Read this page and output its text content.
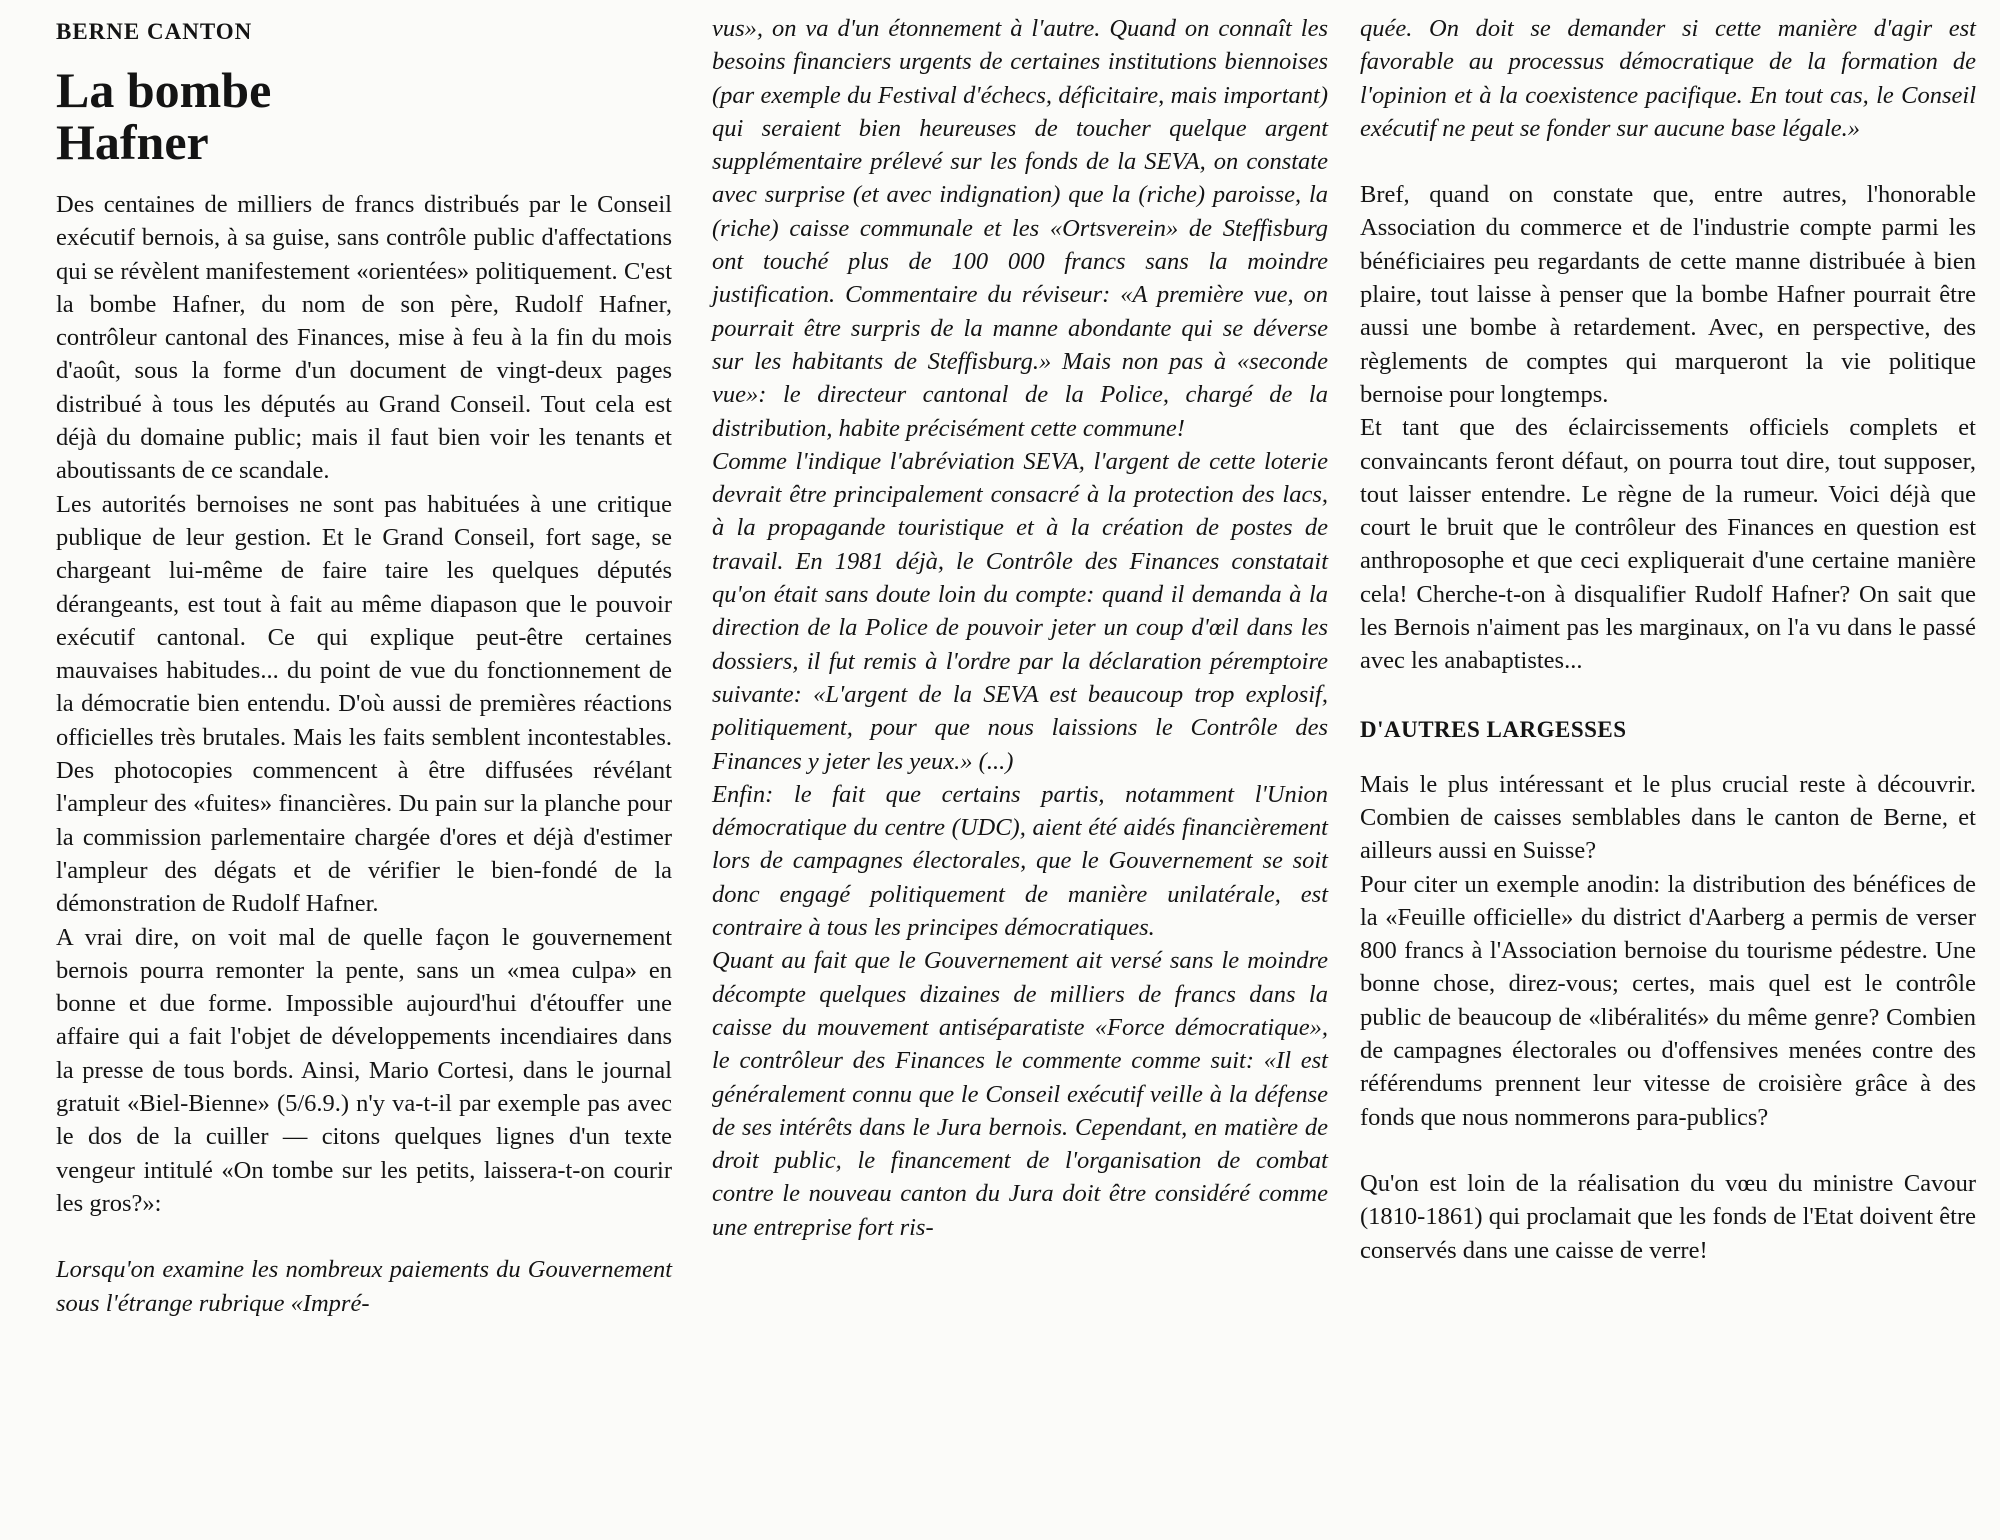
BERNE CANTON
La bombe
Hafner

Des centaines de milliers de francs distribués par le Conseil exécutif bernois, à sa guise, sans contrôle public d'affectations qui se révèlent manifestement «orientées» politiquement. C'est la bombe Hafner, du nom de son père, Rudolf Hafner, contrôleur cantonal des Finances, mise à feu à la fin du mois d'août, sous la forme d'un document de vingt-deux pages distribué à tous les députés au Grand Conseil. Tout cela est déjà du domaine public; mais il faut bien voir les tenants et aboutissants de ce scandale.

Les autorités bernoises ne sont pas habituées à une critique publique de leur gestion. Et le Grand Conseil, fort sage, se chargeant lui-même de faire taire les quelques députés dérangeants, est tout à fait au même diapason que le pouvoir exécutif cantonal. Ce qui explique peut-être certaines mauvaises habitudes... du point de vue du fonctionnement de la démocratie bien entendu. D'où aussi de premières réactions officielles très brutales. Mais les faits semblent incontestables. Des photocopies commencent à être diffusées révélant l'ampleur des «fuites» financières. Du pain sur la planche pour la commission parlementaire chargée d'ores et déjà d'estimer l'ampleur des dégats et de vérifier le bien-fondé de la démonstration de Rudolf Hafner.

A vrai dire, on voit mal de quelle façon le gouvernement bernois pourra remonter la pente, sans un «mea culpa» en bonne et due forme. Impossible aujourd'hui d'étouffer une affaire qui a fait l'objet de développements incendiaires dans la presse de tous bords. Ainsi, Mario Cortesi, dans le journal gratuit «Biel-Bienne» (5/6.9.) n'y va-t-il par exemple pas avec le dos de la cuiller — citons quelques lignes d'un texte vengeur intitulé «On tombe sur les petits, laissera-t-on courir les gros?»:

Lorsqu'on examine les nombreux paiements du Gouvernement sous l'étrange rubrique «Impré-

vus», on va d'un étonnement à l'autre. Quand on connaît les besoins financiers urgents de certaines institutions biennoises (par exemple du Festival d'échecs, déficitaire, mais important) qui seraient bien heureuses de toucher quelque argent supplémentaire prélevé sur les fonds de la SEVA, on constate avec surprise (et avec indignation) que la (riche) paroisse, la (riche) caisse communale et les «Ortsverein» de Steffisburg ont touché plus de 100 000 francs sans la moindre justification. Commentaire du réviseur: «A première vue, on pourrait être surpris de la manne abondante qui se déverse sur les habitants de Steffisburg.» Mais non pas à «seconde vue»: le directeur cantonal de la Police, chargé de la distribution, habite précisément cette commune!

Comme l'indique l'abréviation SEVA, l'argent de cette loterie devrait être principalement consacré à la protection des lacs, à la propagande touristique et à la création de postes de travail. En 1981 déjà, le Contrôle des Finances constatait qu'on était sans doute loin du compte: quand il demanda à la direction de la Police de pouvoir jeter un coup d'œil dans les dossiers, il fut remis à l'ordre par la déclaration péremptoire suivante: «L'argent de la SEVA est beaucoup trop explosif, politiquement, pour que nous laissions le Contrôle des Finances y jeter les yeux.» (...)

Enfin: le fait que certains partis, notamment l'Union démocratique du centre (UDC), aient été aidés financièrement lors de campagnes électorales, que le Gouvernement se soit donc engagé politiquement de manière unilatérale, est contraire à tous les principes démocratiques.

Quant au fait que le Gouvernement ait versé sans le moindre décompte quelques dizaines de milliers de francs dans la caisse du mouvement antiséparatiste «Force démocratique», le contrôleur des Finances le commente comme suit: «Il est généralement connu que le Conseil exécutif veille à la défense de ses intérêts dans le Jura bernois. Cependant, en matière de droit public, le financement de l'organisation de combat contre le nouveau canton du Jura doit être considéré comme une entreprise fort ris-

quée. On doit se demander si cette manière d'agir est favorable au processus démocratique de la formation de l'opinion et à la coexistence pacifique. En tout cas, le Conseil exécutif ne peut se fonder sur aucune base légale.»

Bref, quand on constate que, entre autres, l'honorable Association du commerce et de l'industrie compte parmi les bénéficiaires peu regardants de cette manne distribuée à bien plaire, tout laisse à penser que la bombe Hafner pourrait être aussi une bombe à retardement. Avec, en perspective, des règlements de comptes qui marqueront la vie politique bernoise pour longtemps.

Et tant que des éclaircissements officiels complets et convaincants feront défaut, on pourra tout dire, tout supposer, tout laisser entendre. Le règne de la rumeur. Voici déjà que court le bruit que le contrôleur des Finances en question est anthroposophe et que ceci expliquerait d'une certaine manière cela! Cherche-t-on à disqualifier Rudolf Hafner? On sait que les Bernois n'aiment pas les marginaux, on l'a vu dans le passé avec les anabaptistes...

D'AUTRES LARGESSES

Mais le plus intéressant et le plus crucial reste à découvrir. Combien de caisses semblables dans le canton de Berne, et ailleurs aussi en Suisse?

Pour citer un exemple anodin: la distribution des bénéfices de la «Feuille officielle» du district d'Aarberg a permis de verser 800 francs à l'Association bernoise du tourisme pédestre. Une bonne chose, direz-vous; certes, mais quel est le contrôle public de beaucoup de «libéralités» du même genre? Combien de campagnes électorales ou d'offensives menées contre des référendums prennent leur vitesse de croisière grâce à des fonds que nous nommerons para-publics?

Qu'on est loin de la réalisation du vœu du ministre Cavour (1810-1861) qui proclamait que les fonds de l'Etat doivent être conservés dans une caisse de verre!
